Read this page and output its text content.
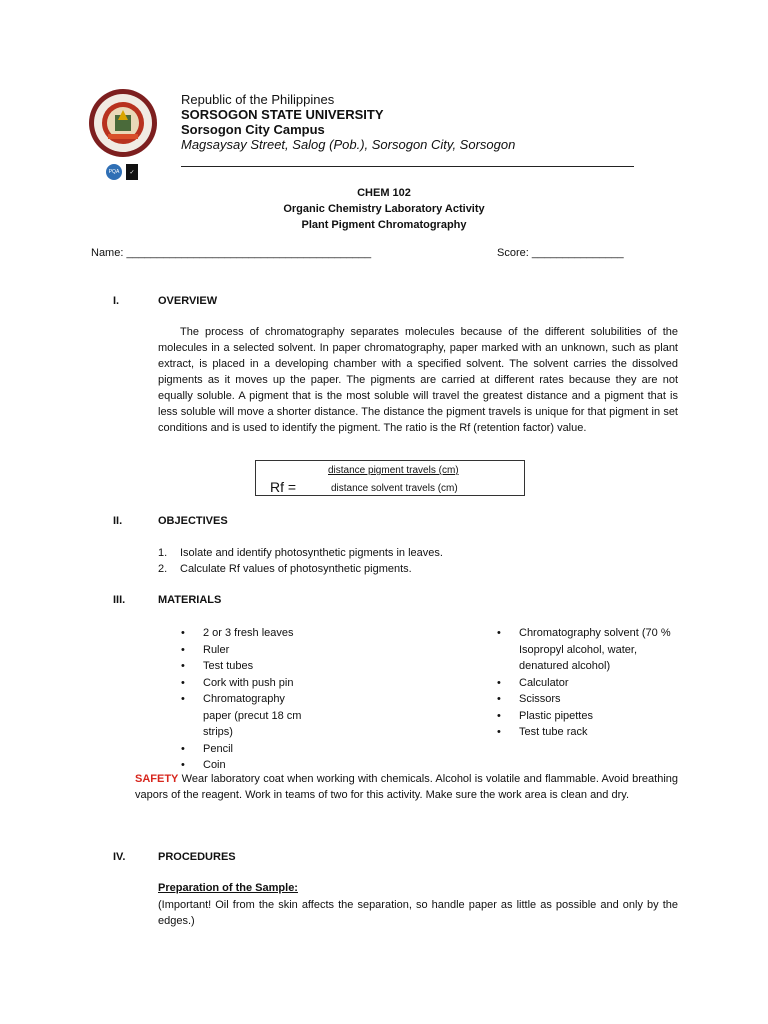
PQA	✓
Republic of the Philippines
SORSOGON STATE UNIVERSITY
Sorsogon City Campus
Magsaysay Street, Salog (Pob.), Sorsogon City, Sorsogon
CHEM 102
Organic Chemistry Laboratory Activity
Plant Pigment Chromatography
Name: ________________________________________	Score: _______________
I.	OVERVIEW
The process of chromatography separates molecules because of the different solubilities of the molecules in a selected solvent. In paper chromatography, paper marked with an unknown, such as plant extract, is placed in a developing chamber with a specified solvent. The solvent carries the dissolved pigments as it moves up the paper. The pigments are carried at different rates because they are not equally soluble. A pigment that is the most soluble will travel the greatest distance and a pigment that is less soluble will move a shorter distance. The distance the pigment travels is unique for that pigment in set conditions and is used to identify the pigment. The ratio is the Rf (retention factor) value.
Rf =
distance pigment travels (cm)
distance solvent travels (cm)
II.	OBJECTIVES
1. Isolate and identify photosynthetic pigments in leaves.
2. Calculate Rf values of photosynthetic pigments.
III.	MATERIALS
• 2 or 3 fresh leaves
• Ruler
• Test tubes
• Cork with push pin
• Chromatography paper (precut 18 cm strips)
• Pencil
• Coin
• Chromatography solvent (70 % Isopropyl alcohol, water, denatured alcohol)
• Calculator
• Scissors
• Plastic pipettes
• Test tube rack
SAFETY Wear laboratory coat when working with chemicals. Alcohol is volatile and flammable. Avoid breathing vapors of the reagent. Work in teams of two for this activity. Make sure the work area is clean and dry.
IV.	PROCEDURES
Preparation of the Sample:
(Important! Oil from the skin affects the separation, so handle paper as little as possible and only by the edges.)
